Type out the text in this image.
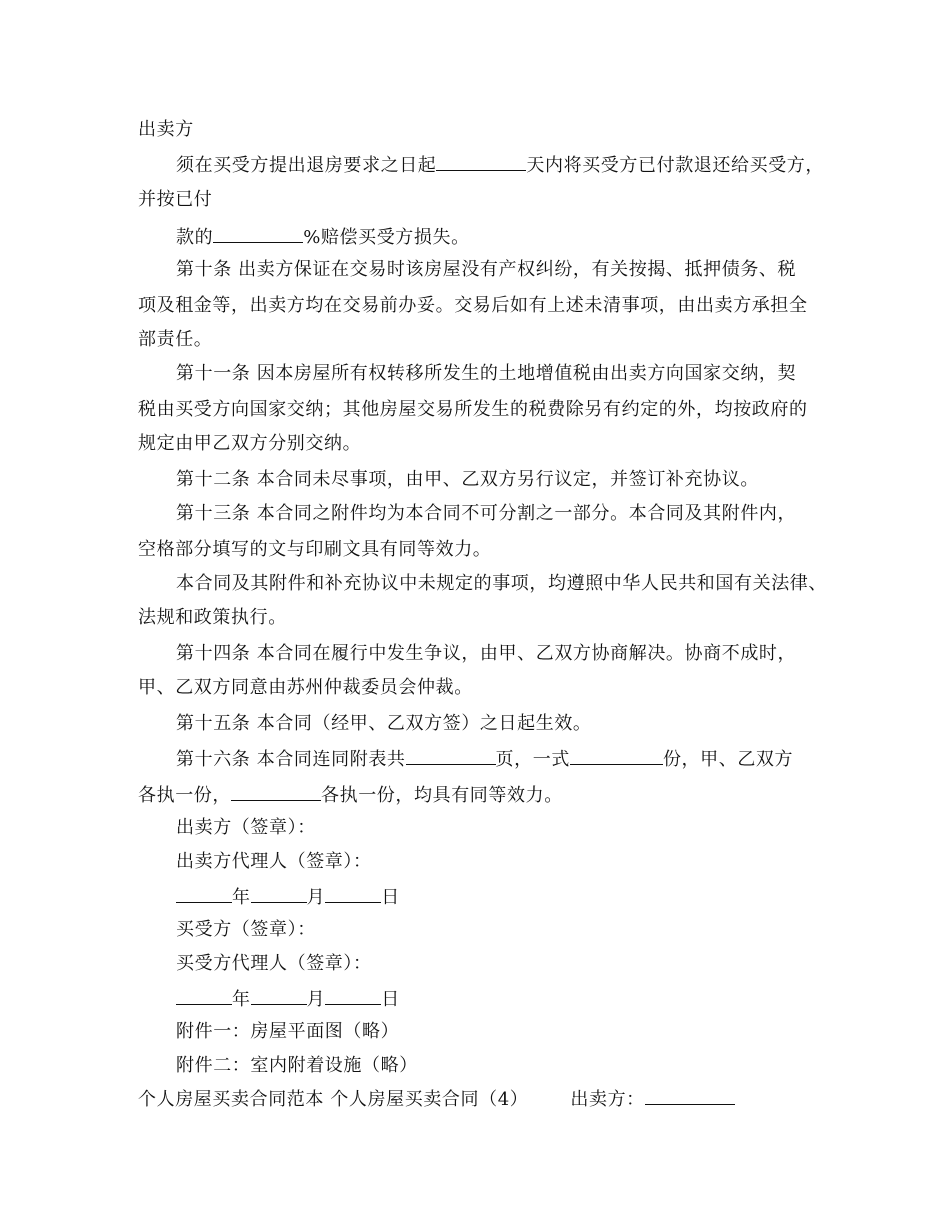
出卖方
须在买受方提出退房要求之日起	天内将买受方已付款退还给买受方，
并按已付
款的	%赔偿买受方损失。
第十条 出卖方保证在交易时该房屋没有产权纠纷，有关按揭、抵押债务、税
项及租金等，出卖方均在交易前办妥。交易后如有上述未清事项，由出卖方承担全
部责任。
第十一条 因本房屋所有权转移所发生的土地增值税由出卖方向国家交纳，契
税由买受方向国家交纳；其他房屋交易所发生的税费除另有约定的外，均按政府的
规定由甲乙双方分别交纳。
第十二条 本合同未尽事项，由甲、乙双方另行议定，并签订补充协议。
第十三条 本合同之附件均为本合同不可分割之一部分。本合同及其附件内，
空格部分填写的文与印刷文具有同等效力。
本合同及其附件和补充协议中未规定的事项，均遵照中华人民共和国有关法律、
法规和政策执行。
第十四条 本合同在履行中发生争议，由甲、乙双方协商解决。协商不成时，
甲、乙双方同意由苏州仲裁委员会仲裁。
第十五条 本合同（经甲、乙双方签）之日起生效。
第十六条 本合同连同附表共	页，一式	份，甲、乙双方
各执一份，	各执一份，均具有同等效力。
出卖方（签章）：
出卖方代理人（签章）：
年	月	日
买受方（签章）：
买受方代理人（签章）：
年	月	日
附件一：房屋平面图（略）
附件二：室内附着设施（略）
个人房屋买卖合同范本 个人房屋买卖合同（4） 出卖方：
